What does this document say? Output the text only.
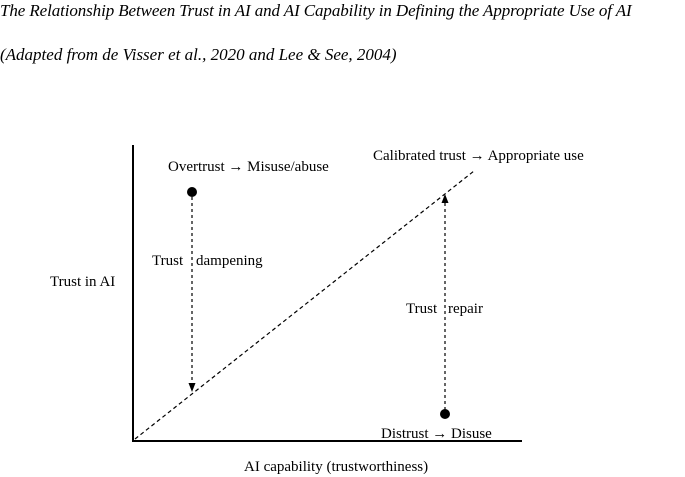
The Relationship Between Trust in AI and AI Capability in Defining the Appropriate Use of AI
(Adapted from de Visser et al., 2020 and Lee & See, 2004)
Trust in AI
AI capability (trustworthiness)
Overtrust → Misuse/abuse
Calibrated trust → Appropriate use
Distrust → Disuse
Trust dampening
Trust repair
